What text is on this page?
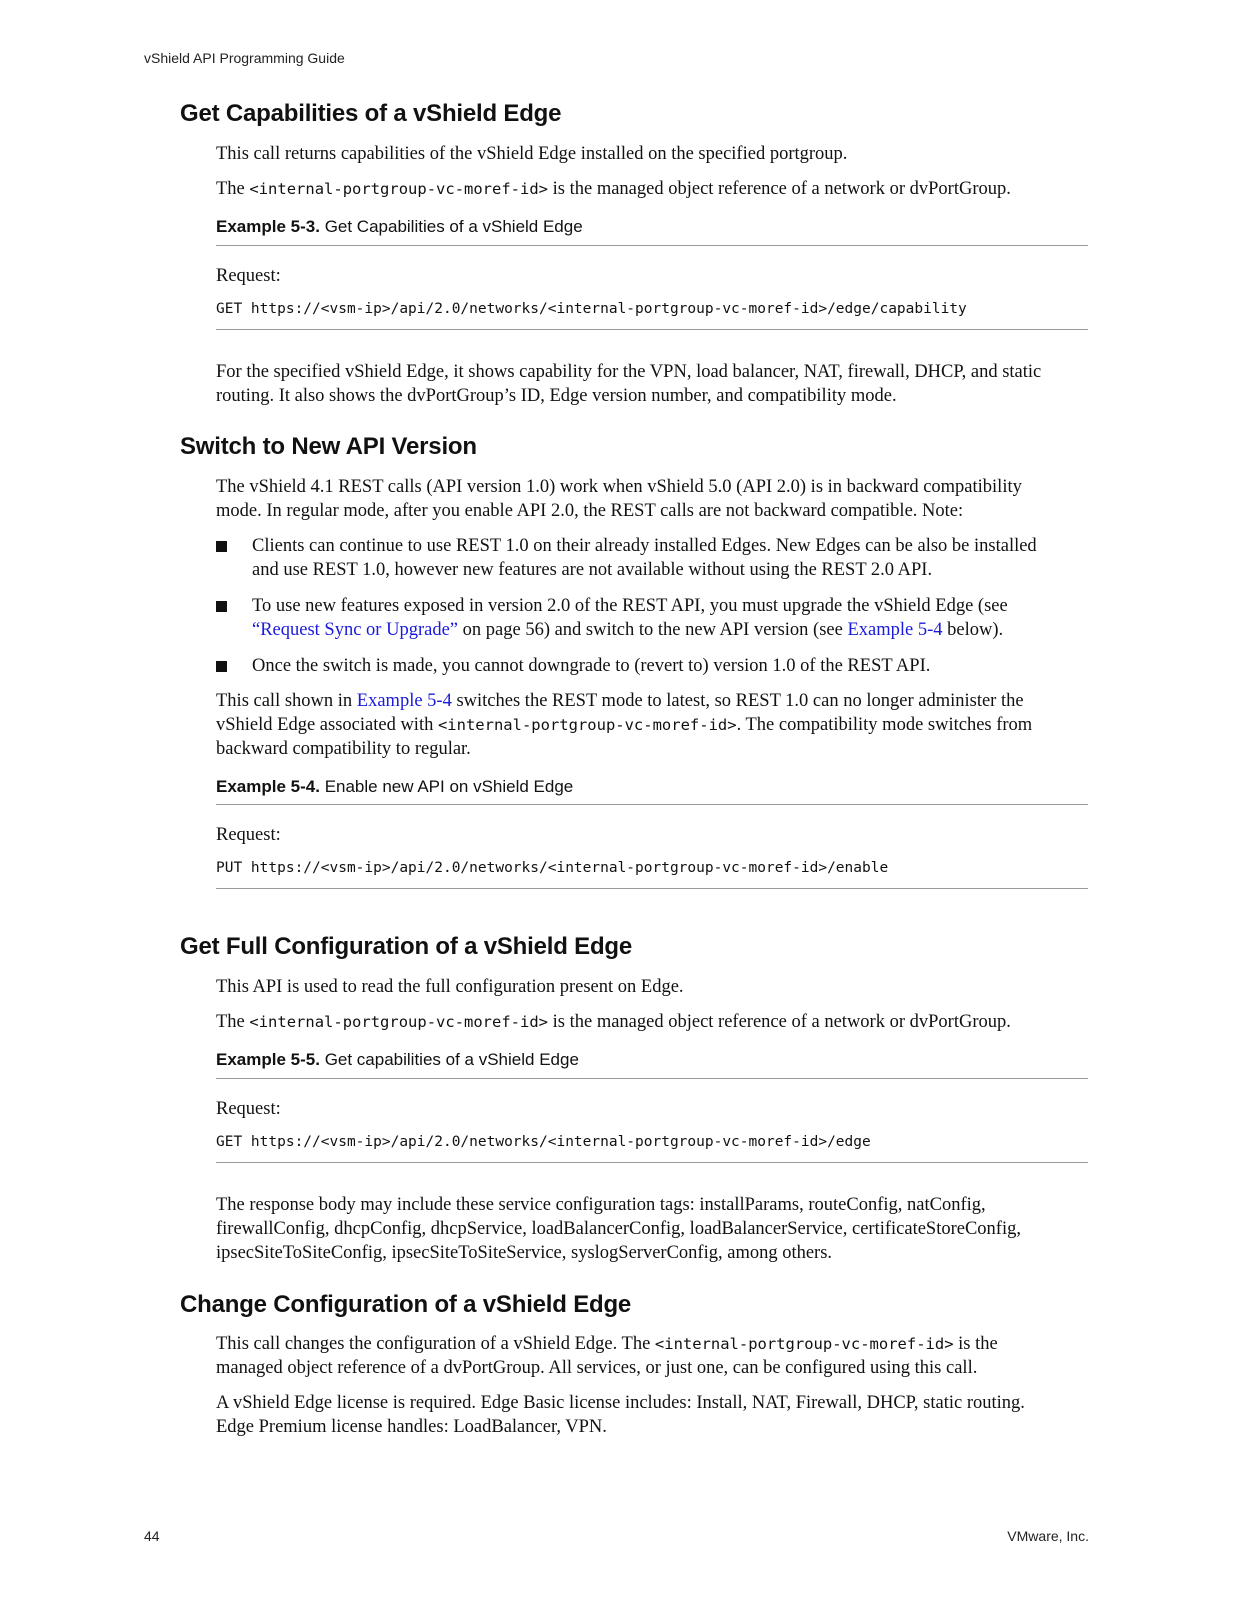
vShield API Programming Guide
Get Capabilities of a vShield Edge

This call returns capabilities of the vShield Edge installed on the specified portgroup.

The <internal-portgroup-vc-moref-id> is the managed object reference of a network or dvPortGroup.

Example 5-3. Get Capabilities of a vShield Edge

Request:

GET https://<vsm-ip>/api/2.0/networks/<internal-portgroup-vc-moref-id>/edge/capability

For the specified vShield Edge, it shows capability for the VPN, load balancer, NAT, firewall, DHCP, and static
routing. It also shows the dvPortGroup’s ID, Edge version number, and compatibility mode.

Switch to New API Version

The vShield 4.1 REST calls (API version 1.0) work when vShield 5.0 (API 2.0) is in backward compatibility
mode. In regular mode, after you enable API 2.0, the REST calls are not backward compatible. Note:

Clients can continue to use REST 1.0 on their already installed Edges. New Edges can be also be installed
and use REST 1.0, however new features are not available without using the REST 2.0 API.

To use new features exposed in version 2.0 of the REST API, you must upgrade the vShield Edge (see
“Request Sync or Upgrade” on page 56) and switch to the new API version (see Example 5-4 below).

Once the switch is made, you cannot downgrade to (revert to) version 1.0 of the REST API.

This call shown in Example 5-4 switches the REST mode to latest, so REST 1.0 can no longer administer the
vShield Edge associated with <internal-portgroup-vc-moref-id>. The compatibility mode switches from
backward compatibility to regular.

Example 5-4. Enable new API on vShield Edge

Request:

PUT https://<vsm-ip>/api/2.0/networks/<internal-portgroup-vc-moref-id>/enable

Get Full Configuration of a vShield Edge

This API is used to read the full configuration present on Edge.

The <internal-portgroup-vc-moref-id> is the managed object reference of a network or dvPortGroup.

Example 5-5. Get capabilities of a vShield Edge

Request:

GET https://<vsm-ip>/api/2.0/networks/<internal-portgroup-vc-moref-id>/edge

The response body may include these service configuration tags: installParams, routeConfig, natConfig,
firewallConfig, dhcpConfig, dhcpService, loadBalancerConfig, loadBalancerService, certificateStoreConfig,
ipsecSiteToSiteConfig, ipsecSiteToSiteService, syslogServerConfig, among others.

Change Configuration of a vShield Edge

This call changes the configuration of a vShield Edge. The <internal-portgroup-vc-moref-id> is the
managed object reference of a dvPortGroup. All services, or just one, can be configured using this call.

A vShield Edge license is required. Edge Basic license includes: Install, NAT, Firewall, DHCP, static routing.
Edge Premium license handles: LoadBalancer, VPN.

44	VMware, Inc.
